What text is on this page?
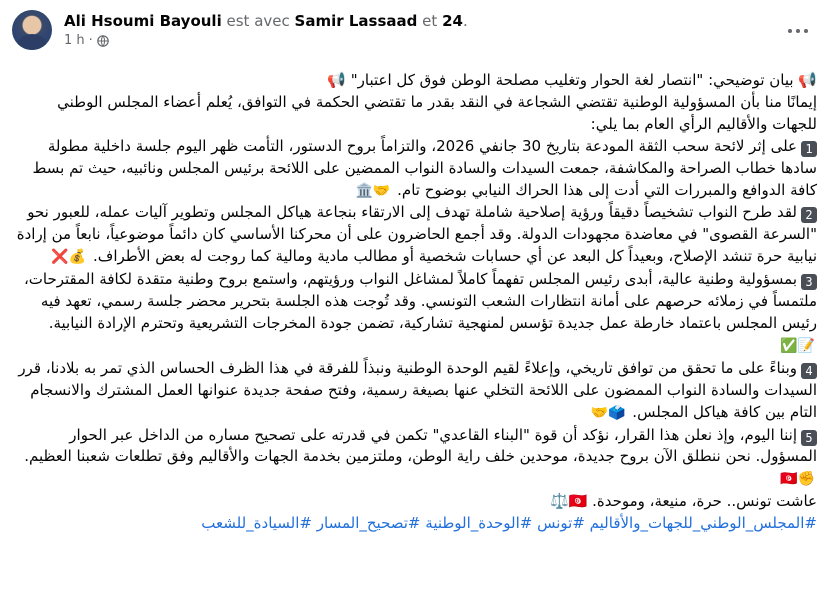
Ali Hsoumi Bayouli est avec Samir Lassaad et 24.
1 h ·

📢 بيان توضيحي: "انتصار لغة الحوار وتغليب مصلحة الوطن فوق كل اعتبار" 📢

إيمانًا منا بأن المسؤولية الوطنية تقتضي الشجاعة في النقد بقدر ما تقتضي الحكمة في التوافق، يُعلم أعضاء المجلس الوطني للجهات والأقاليم الرأي العام بما يلي:

1على إثر لائحة سحب الثقة المودعة بتاريخ 30 جانفي 2026، والتزاماً بروح الدستور، التأمت ظهر اليوم جلسة داخلية مطولة سادها خطاب الصراحة والمكاشفة، جمعت السيدات والسادة النواب الممضين على اللائحة برئيس المجلس ونائبيه، حيث تم بسط كافة الدوافع والمبررات التي أدت إلى هذا الحراك النيابي بوضوح تام. 🤝🏛️

2لقد طرح النواب تشخيصاً دقيقاً ورؤية إصلاحية شاملة تهدف إلى الارتقاء بنجاعة هياكل المجلس وتطوير آليات عمله، للعبور نحو "السرعة القصوى" في معاضدة مجهودات الدولة. وقد أجمع الحاضرون على أن محركنا الأساسي كان دائماً موضوعياً، نابعاً من إرادة نيابية حرة تنشد الإصلاح، وبعيداً كل البعد عن أي حسابات شخصية أو مطالب مادية ومالية كما روجت له بعض الأطراف. 💰❌

3بمسؤولية وطنية عالية، أبدى رئيس المجلس تفهماً كاملاً لمشاغل النواب ورؤيتهم، واستمع بروح وطنية متقدة لكافة المقترحات، ملتمساً في زملائه حرصهم على أمانة انتظارات الشعب التونسي. وقد تُوجت هذه الجلسة بتحرير محضر جلسة رسمي، تعهد فيه رئيس المجلس باعتماد خارطة عمل جديدة تؤسس لمنهجية تشاركية، تضمن جودة المخرجات التشريعية وتحترم الإرادة النيابية. 📝✅

4وبناءً على ما تحقق من توافق تاريخي، وإعلاءً لقيم الوحدة الوطنية ونبذاً للفرقة في هذا الظرف الحساس الذي تمر به بلادنا، قرر السيدات والسادة النواب الممضون على اللائحة التخلي عنها بصيغة رسمية، وفتح صفحة جديدة عنوانها العمل المشترك والانسجام التام بين كافة هياكل المجلس. 🗳️🤝

5إننا اليوم، وإذ نعلن هذا القرار، نؤكد أن قوة "البناء القاعدي" تكمن في قدرته على تصحيح مساره من الداخل عبر الحوار المسؤول. نحن ننطلق الآن بروح جديدة، موحدين خلف راية الوطن، وملتزمين بخدمة الجهات والأقاليم وفق تطلعات شعبنا العظيم. ✊🇹🇳

عاشت تونس.. حرة، منيعة، وموحدة. 🇹🇳⚖️

#المجلس_الوطني_للجهات_والأقاليم #تونس #الوحدة_الوطنية #تصحيح_المسار #السيادة_للشعب
